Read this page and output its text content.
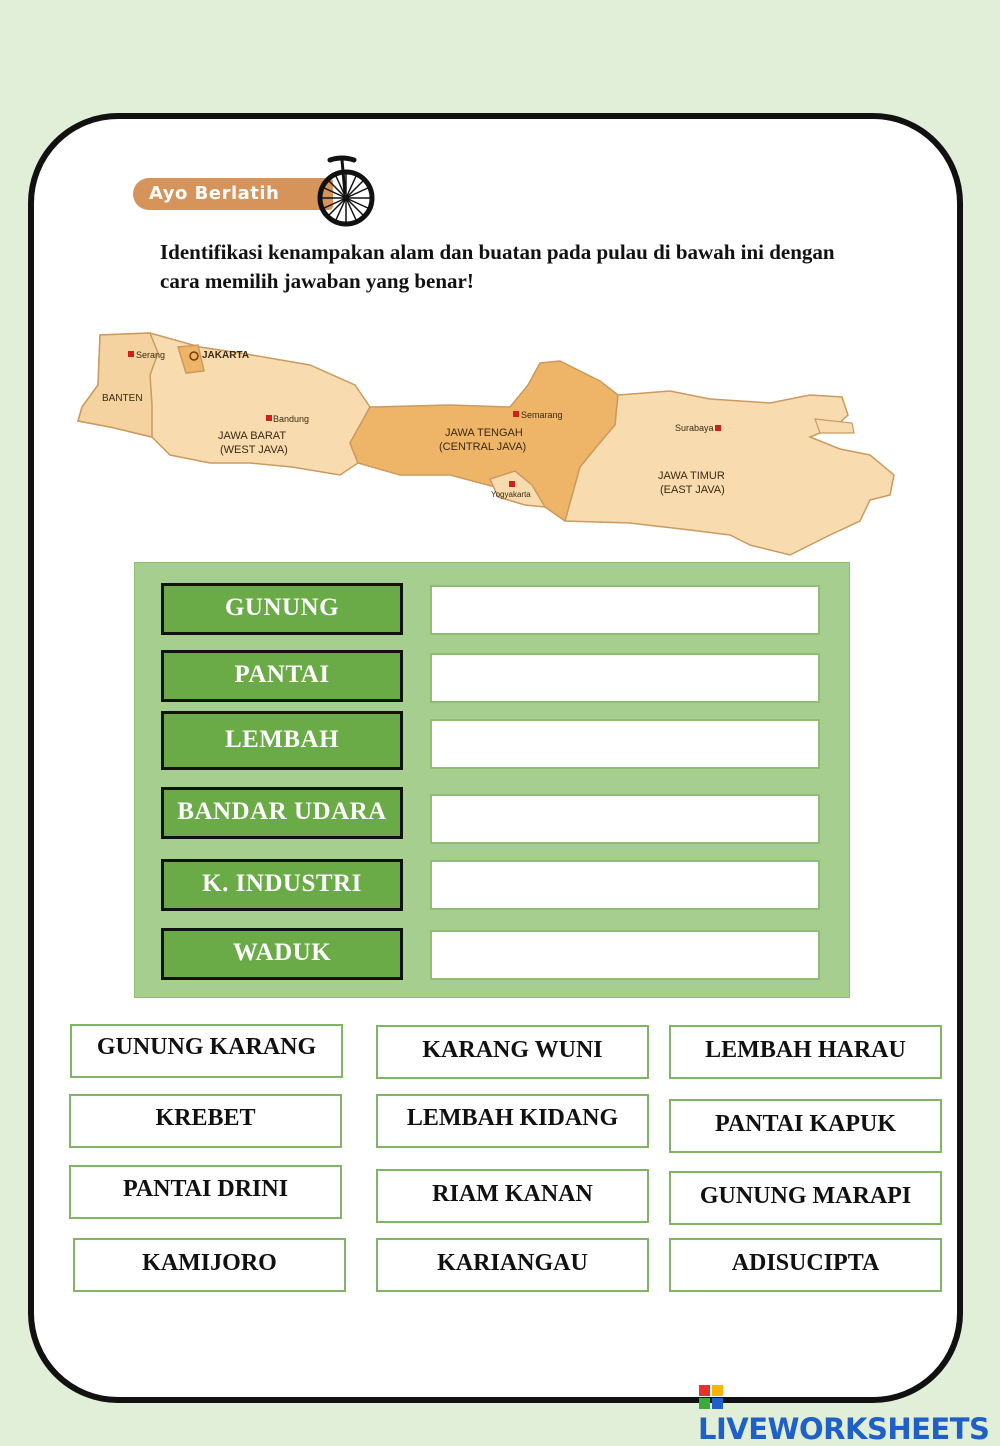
Ayo Berlatih
Identifikasi kenampakan alam dan buatan pada pulau di bawah ini dengan cara memilih jawaban yang benar!
Serang	JAKARTA
BANTEN
Bandung
JAWA BARAT
(WEST JAVA)
Semarang
JAWA TENGAH
(CENTRAL JAVA)
Yogyakarta
Surabaya
JAWA TIMUR
(EAST JAVA)
GUNUNG
PANTAI
LEMBAH
BANDAR UDARA
K. INDUSTRI
WADUK
GUNUNG KARANG	KARANG WUNI	LEMBAH HARAU
KREBET	LEMBAH KIDANG	PANTAI KAPUK
PANTAI DRINI	RIAM KANAN	GUNUNG MARAPI
KAMIJORO	KARIANGAU	ADISUCIPTA
LIVEWORKSHEETS
